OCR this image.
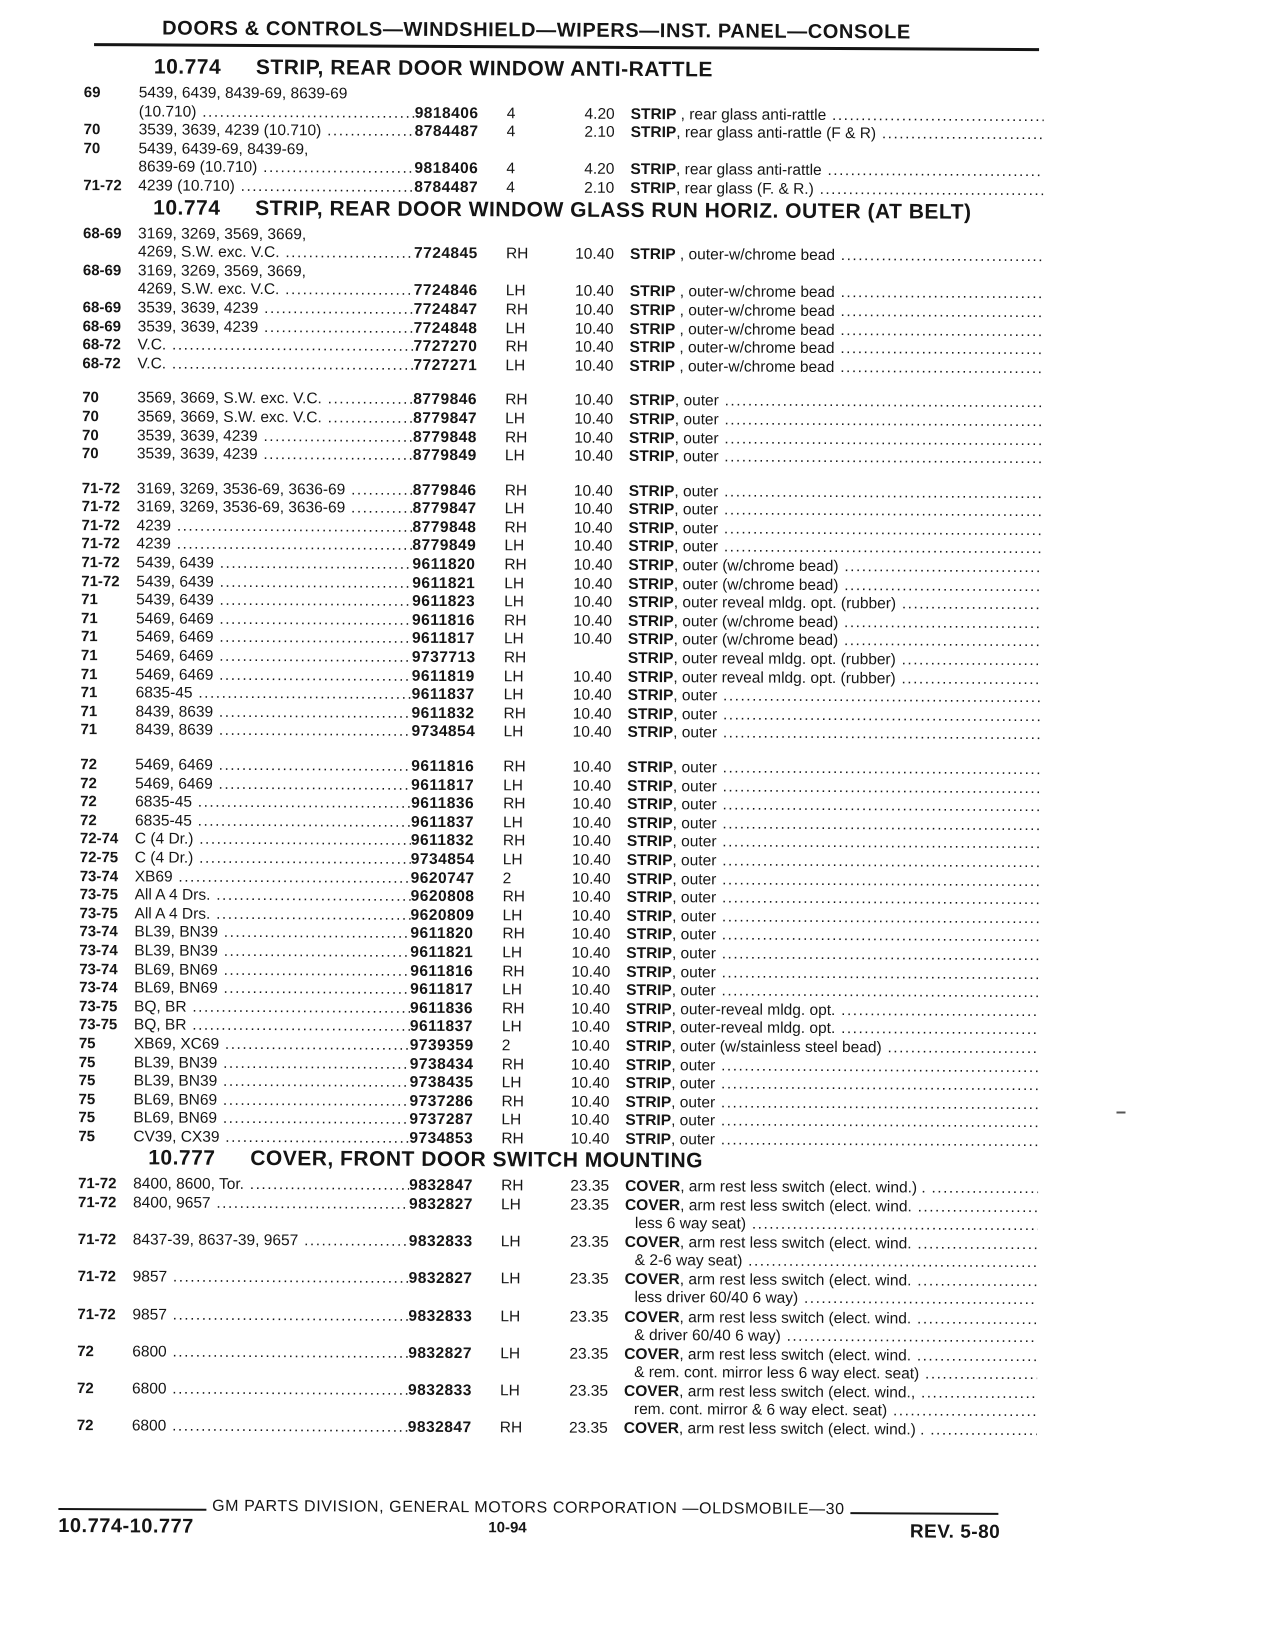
DOORS & CONTROLS—WINDSHIELD—WIPERS—INST. PANEL—CONSOLE
10.774	STRIP, REAR DOOR WINDOW ANTI-RATTLE
69	5439, 6439, 8439-69, 8639-69
(10.710) .....	9818406	4	4.20	STRIP , rear glass anti-rattle .....
70	3539, 3639, 4239 (10.710) .....	8784487	4	2.10	STRIP, rear glass anti-rattle (F & R) .....
70	5439, 6439-69, 8439-69,
8639-69 (10.710) .....	9818406	4	4.20	STRIP, rear glass anti-rattle .....
71-72	4239 (10.710) .....	8784487	4	2.10	STRIP, rear glass (F. & R.) .....
10.774	STRIP, REAR DOOR WINDOW GLASS RUN HORIZ. OUTER (AT BELT)
68-69	3169, 3269, 3569, 3669,
4269, S.W. exc. V.C. .....	7724845	RH	10.40	STRIP , outer-w/chrome bead .....
68-69	3169, 3269, 3569, 3669,
4269, S.W. exc. V.C. .....	7724846	LH	10.40	STRIP , outer-w/chrome bead .....
68-69	3539, 3639, 4239 .....	7724847	RH	10.40	STRIP , outer-w/chrome bead .....
68-69	3539, 3639, 4239 .....	7724848	LH	10.40	STRIP , outer-w/chrome bead .....
68-72	V.C. .....	7727270	RH	10.40	STRIP , outer-w/chrome bead .....
68-72	V.C. .....	7727271	LH	10.40	STRIP , outer-w/chrome bead .....
70	3569, 3669, S.W. exc. V.C. .....	8779846	RH	10.40	STRIP, outer .....
70	3569, 3669, S.W. exc. V.C. .....	8779847	LH	10.40	STRIP, outer .....
70	3539, 3639, 4239 .....	8779848	RH	10.40	STRIP, outer .....
70	3539, 3639, 4239 .....	8779849	LH	10.40	STRIP, outer .....
71-72	3169, 3269, 3536-69, 3636-69 .....	8779846	RH	10.40	STRIP, outer .....
71-72	3169, 3269, 3536-69, 3636-69 .....	8779847	LH	10.40	STRIP, outer .....
71-72	4239 .....	8779848	RH	10.40	STRIP, outer .....
71-72	4239 .....	8779849	LH	10.40	STRIP, outer .....
71-72	5439, 6439 .....	9611820	RH	10.40	STRIP, outer (w/chrome bead) .....
71-72	5439, 6439 .....	9611821	LH	10.40	STRIP, outer (w/chrome bead) .....
71	5439, 6439 .....	9611823	LH	10.40	STRIP, outer reveal mldg. opt. (rubber) .....
71	5469, 6469 .....	9611816	RH	10.40	STRIP, outer (w/chrome bead) .....
71	5469, 6469 .....	9611817	LH	10.40	STRIP, outer (w/chrome bead) .....
71	5469, 6469 .....	9737713	RH	STRIP, outer reveal mldg. opt. (rubber) .....
71	5469, 6469 .....	9611819	LH	10.40	STRIP, outer reveal mldg. opt. (rubber) .....
71	6835-45 .....	9611837	LH	10.40	STRIP, outer .....
71	8439, 8639 .....	9611832	RH	10.40	STRIP, outer .....
71	8439, 8639 .....	9734854	LH	10.40	STRIP, outer .....
72	5469, 6469 .....	9611816	RH	10.40	STRIP, outer .....
72	5469, 6469 .....	9611817	LH	10.40	STRIP, outer .....
72	6835-45 .....	9611836	RH	10.40	STRIP, outer .....
72	6835-45 .....	9611837	LH	10.40	STRIP, outer .....
72-74	C (4 Dr.) .....	9611832	RH	10.40	STRIP, outer .....
72-75	C (4 Dr.) .....	9734854	LH	10.40	STRIP, outer .....
73-74	XB69 .....	9620747	2	10.40	STRIP, outer .....
73-75	All A 4 Drs. .....	9620808	RH	10.40	STRIP, outer .....
73-75	All A 4 Drs. .....	9620809	LH	10.40	STRIP, outer .....
73-74	BL39, BN39 .....	9611820	RH	10.40	STRIP, outer .....
73-74	BL39, BN39 .....	9611821	LH	10.40	STRIP, outer .....
73-74	BL69, BN69 .....	9611816	RH	10.40	STRIP, outer .....
73-74	BL69, BN69 .....	9611817	LH	10.40	STRIP, outer .....
73-75	BQ, BR .....	9611836	RH	10.40	STRIP, outer-reveal mldg. opt. .....
73-75	BQ, BR .....	9611837	LH	10.40	STRIP, outer-reveal mldg. opt. .....
75	XB69, XC69 .....	9739359	2	10.40	STRIP, outer (w/stainless steel bead) .....
75	BL39, BN39 .....	9738434	RH	10.40	STRIP, outer .....
75	BL39, BN39 .....	9738435	LH	10.40	STRIP, outer .....
75	BL69, BN69 .....	9737286	RH	10.40	STRIP, outer .....
75	BL69, BN69 .....	9737287	LH	10.40	STRIP, outer .....
75	CV39, CX39 .....	9734853	RH	10.40	STRIP, outer .....
10.777	COVER, FRONT DOOR SWITCH MOUNTING
71-72	8400, 8600, Tor. .....	9832847	RH	23.35	COVER, arm rest less switch (elect. wind.) . .....
71-72	8400, 9657 .....	9832827	LH	23.35	COVER, arm rest less switch (elect. wind. .....
less 6 way seat) .....
71-72	8437-39, 8637-39, 9657 .....	9832833	LH	23.35	COVER, arm rest less switch (elect. wind. .....
& 2-6 way seat) .....
71-72	9857 .....	9832827	LH	23.35	COVER, arm rest less switch (elect. wind. .....
less driver 60/40 6 way) .....
71-72	9857 .....	9832833	LH	23.35	COVER, arm rest less switch (elect. wind. .....
& driver 60/40 6 way) .....
72	6800 .....	9832827	LH	23.35	COVER, arm rest less switch (elect. wind. .....
& rem. cont. mirror less 6 way elect. seat) .....
72	6800 .....	9832833	LH	23.35	COVER, arm rest less switch (elect. wind., .....
rem. cont. mirror & 6 way elect. seat) .....
72	6800 .....	9832847	RH	23.35	COVER, arm rest less switch (elect. wind.) . .....
GM PARTS DIVISION, GENERAL MOTORS CORPORATION —OLDSMOBILE—30
10.774-10.777	10-94	REV. 5-80
